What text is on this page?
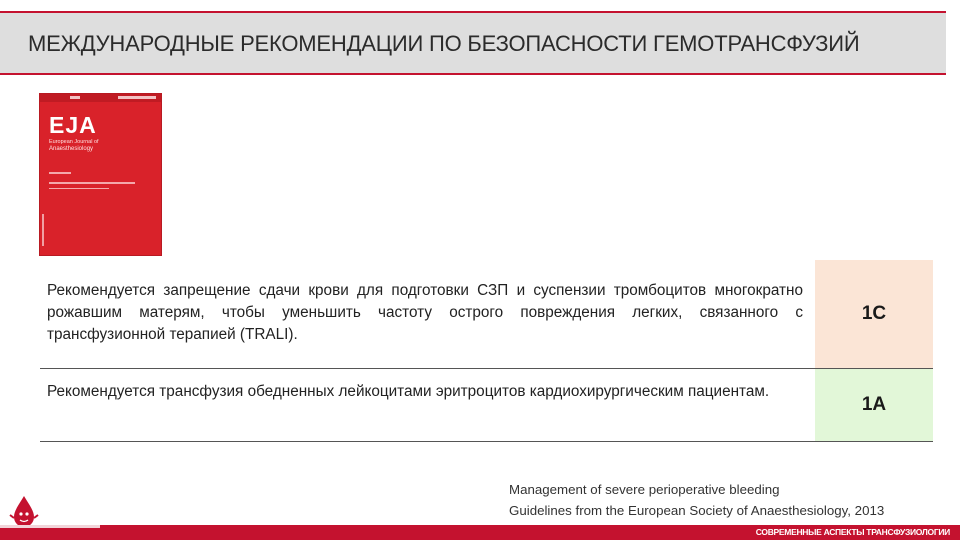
МЕЖДУНАРОДНЫЕ РЕКОМЕНДАЦИИ ПО БЕЗОПАСНОСТИ ГЕМОТРАНСФУЗИЙ
EJA
European Journal of
Anaesthesiology
Рекомендуется запрещение сдачи крови для подготовки СЗП и суспензии тромбоцитов многократно рожавшим матерям, чтобы уменьшить частоту острого повреждения легких, связанного с трансфузионной терапией (TRALI).
1C
Рекомендуется трансфузия обедненных лейкоцитами эритроцитов кардиохирургическим пациентам.
1A
Management of severe perioperative bleeding
Guidelines from the European Society of Anaesthesiology, 2013
СОВРЕМЕННЫЕ АСПЕКТЫ ТРАНСФУЗИОЛОГИИ
